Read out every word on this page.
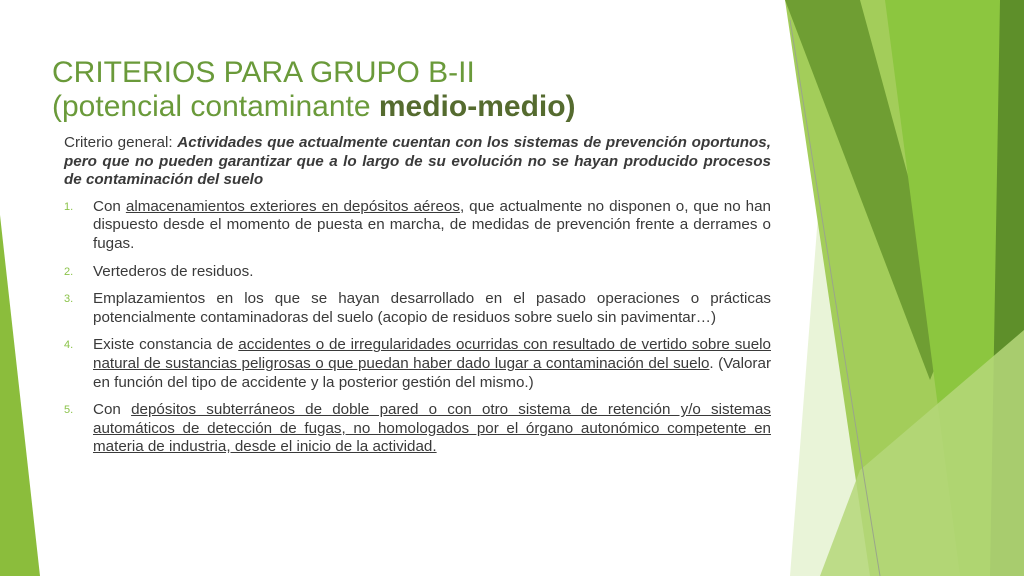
CRITERIOS PARA GRUPO B-II
(potencial contaminante medio-medio)

Criterio general: Actividades que actualmente cuentan con los sistemas de prevención oportunos, pero que no pueden garantizar que a lo largo de su evolución no se hayan producido procesos de contaminación del suelo

1. Con almacenamientos exteriores en depósitos aéreos, que actualmente no disponen o, que no han dispuesto desde el momento de puesta en marcha, de medidas de prevención frente a derrames o fugas.
2. Vertederos de residuos.
3. Emplazamientos en los que se hayan desarrollado en el pasado operaciones o prácticas potencialmente contaminadoras del suelo (acopio de residuos sobre suelo sin pavimentar…)
4. Existe constancia de accidentes o de irregularidades ocurridas con resultado de vertido sobre suelo natural de sustancias peligrosas o que puedan haber dado lugar a contaminación del suelo. (Valorar en función del tipo de accidente y la posterior gestión del mismo.)
5. Con depósitos subterráneos de doble pared o con otro sistema de retención y/o sistemas automáticos de detección de fugas, no homologados por el órgano autonómico competente en materia de industria, desde el inicio de la actividad.
